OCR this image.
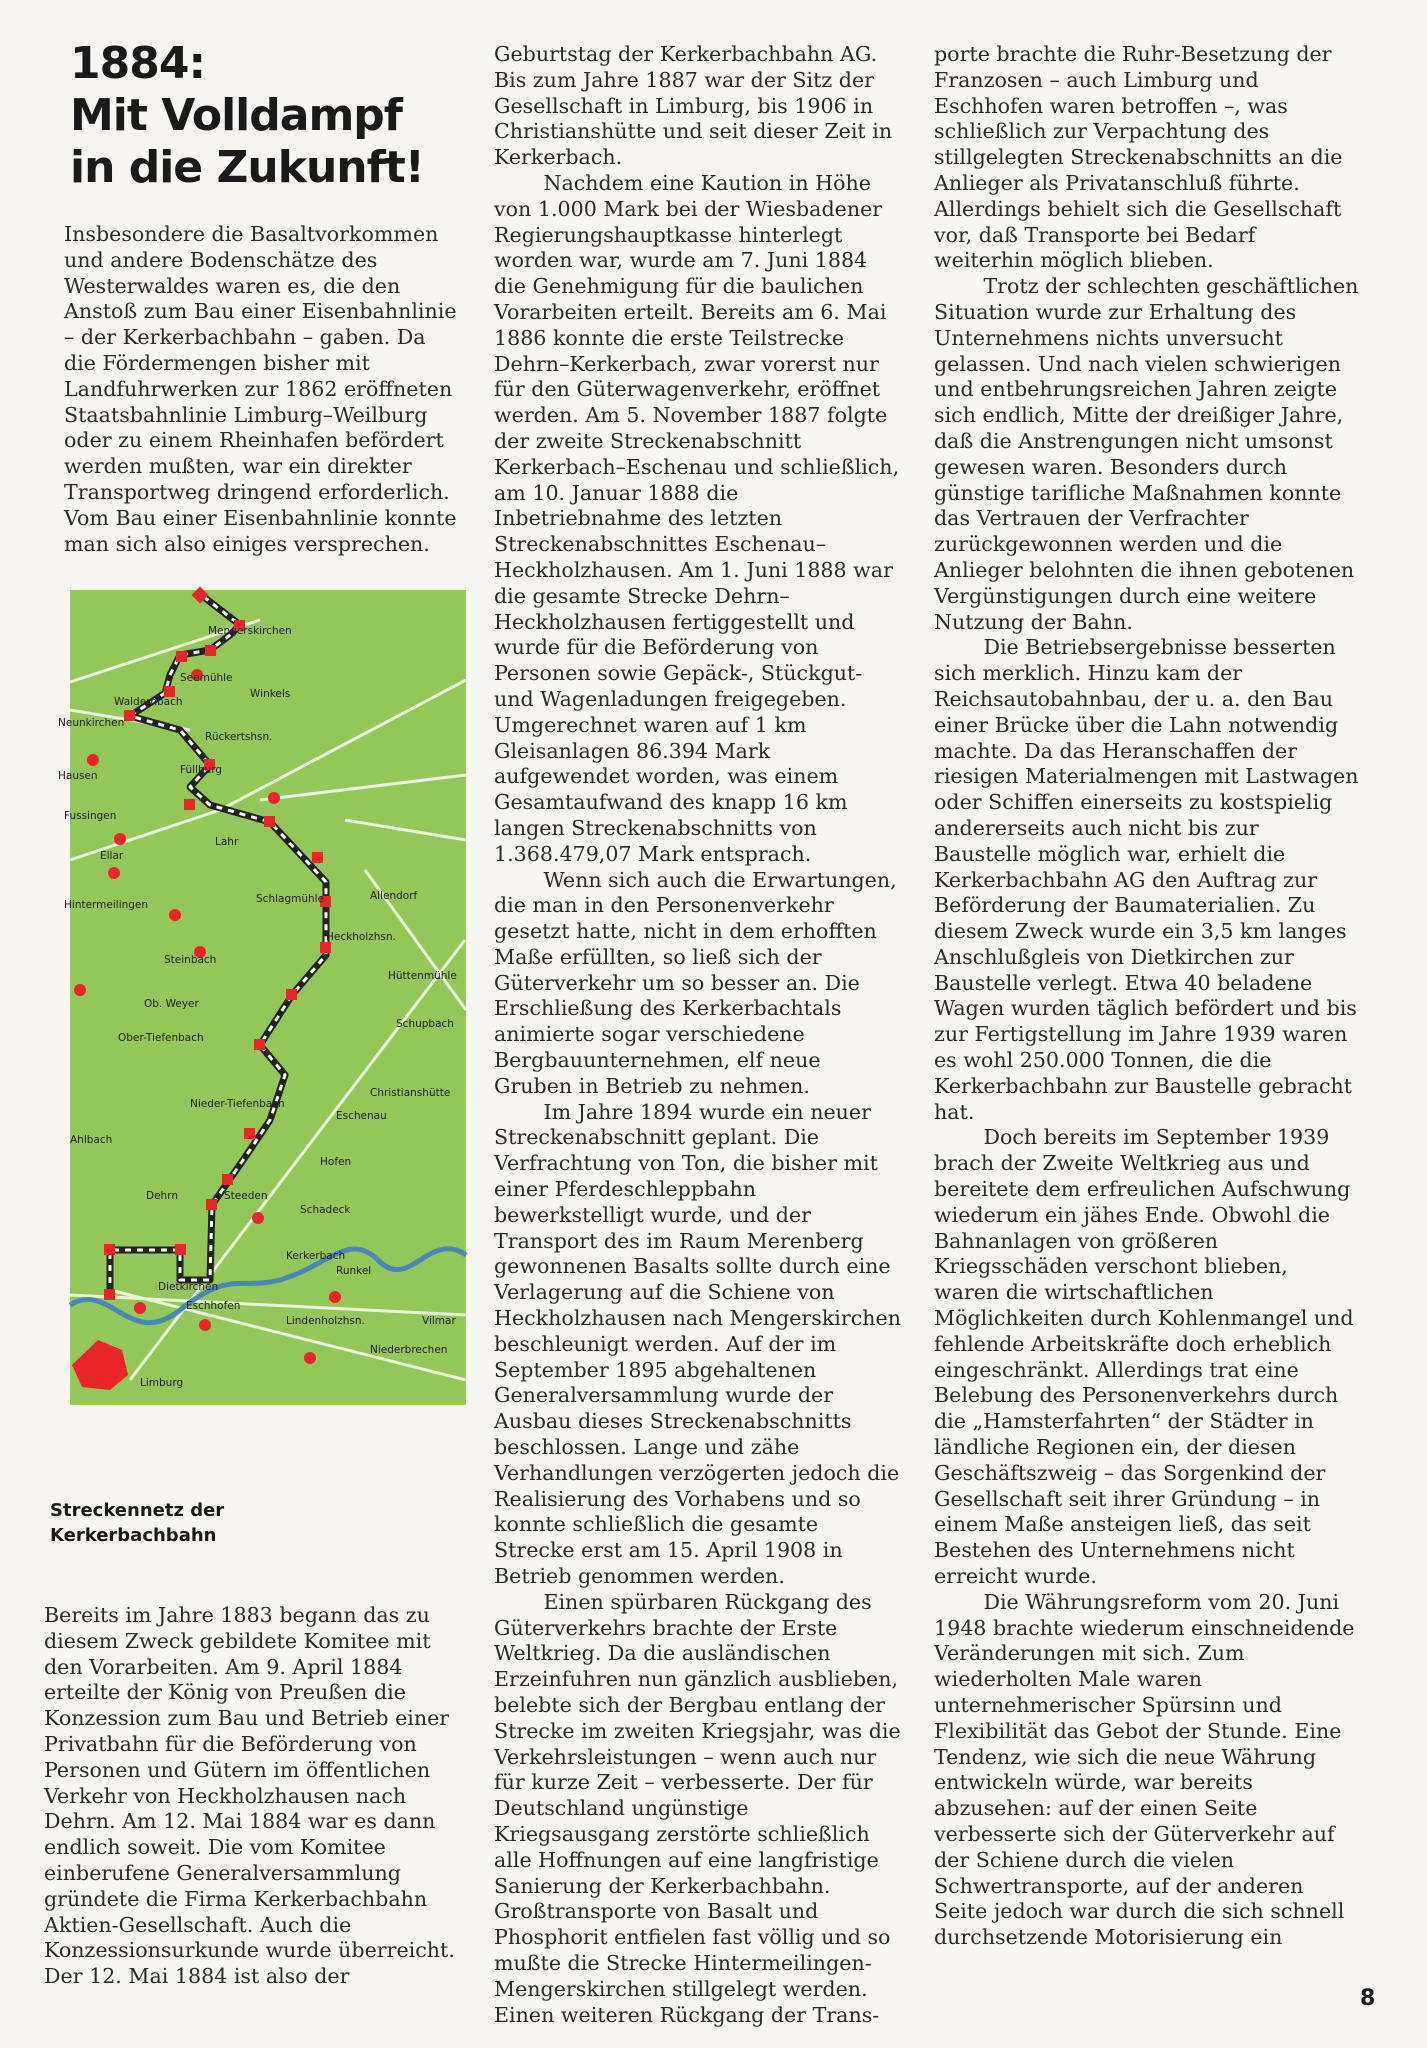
1884:
Mit Volldampf
in die Zukunft!

Insbesondere die Basaltvorkommen und andere Bodenschätze des Westerwaldes waren es, die den Anstoß zum Bau einer Eisenbahnlinie – der Kerkerbachbahn – gaben. Da die Fördermengen bisher mit Landfuhrwerken zur 1862 eröffneten Staatsbahnlinie Limburg–Weilburg oder zu einem Rheinhafen befördert werden mußten, war ein direkter Transportweg dringend erforderlich. Vom Bau einer Eisenbahnlinie konnte man sich also einiges versprechen.

Mengerskirchen
Seemühle
Waldernbach
Winkels
Neunkirchen
Rückertshsn.
Hausen	Füllburg
Fussingen
Lahr
Ellar
Hintermeilingen	Schlagmühle	Allendorf
Heckholzhsn.
Steinbach
Hüttenmühle
Ob. Weyer
Schupbach
Ober-Tiefenbach
Christianshütte
Nieder-Tiefenbach
Eschenau
Ahlbach
Hofen
Dehrn	Steeden
Schadeck
Kerkerbach
Runkel
Dietkirchen
Eschhofen
Lindenholzhsn.	Vilmar
Niederbrechen
Limburg
Streckennetz der
Kerkerbachbahn

Bereits im Jahre 1883 begann das zu diesem Zweck gebildete Komitee mit den Vorarbeiten. Am 9. April 1884 erteilte der König von Preußen die Konzession zum Bau und Betrieb einer Privatbahn für die Beförderung von Personen und Gütern im öffentlichen Verkehr von Heckholzhausen nach Dehrn. Am 12. Mai 1884 war es dann endlich soweit. Die vom Komitee einberufene Generalversammlung gründete die Firma Kerkerbachbahn Aktien-Gesellschaft. Auch die Konzessionsurkunde wurde überreicht. Der 12. Mai 1884 ist also der

Geburtstag der Kerkerbachbahn AG. Bis zum Jahre 1887 war der Sitz der Gesellschaft in Limburg, bis 1906 in Christianshütte und seit dieser Zeit in Kerkerbach.

Nachdem eine Kaution in Höhe von 1.000 Mark bei der Wiesbadener Regierungshauptkasse hinterlegt worden war, wurde am 7. Juni 1884 die Genehmigung für die baulichen Vorarbeiten erteilt. Bereits am 6. Mai 1886 konnte die erste Teilstrecke Dehrn–Kerkerbach, zwar vorerst nur für den Güterwagenverkehr, eröffnet werden. Am 5. November 1887 folgte der zweite Streckenabschnitt Kerkerbach–Eschenau und schließlich, am 10. Januar 1888 die Inbetriebnahme des letzten Streckenabschnittes Eschenau–Heckholzhausen. Am 1. Juni 1888 war die gesamte Strecke Dehrn–Heckholzhausen fertiggestellt und wurde für die Beförderung von Personen sowie Gepäck-, Stückgut- und Wagenladungen freigegeben. Umgerechnet waren auf 1 km Gleisanlagen 86.394 Mark aufgewendet worden, was einem Gesamtaufwand des knapp 16 km langen Streckenabschnitts von 1.368.479,07 Mark entsprach.

Wenn sich auch die Erwartungen, die man in den Personenverkehr gesetzt hatte, nicht in dem erhofften Maße erfüllten, so ließ sich der Güterverkehr um so besser an. Die Erschließung des Kerkerbachtals animierte sogar verschiedene Bergbauunternehmen, elf neue Gruben in Betrieb zu nehmen.

Im Jahre 1894 wurde ein neuer Streckenabschnitt geplant. Die Verfrachtung von Ton, die bisher mit einer Pferdeschleppbahn bewerkstelligt wurde, und der Transport des im Raum Merenberg gewonnenen Basalts sollte durch eine Verlagerung auf die Schiene von Heckholzhausen nach Mengerskirchen beschleunigt werden. Auf der im September 1895 abgehaltenen Generalversammlung wurde der Ausbau dieses Streckenabschnitts beschlossen. Lange und zähe Verhandlungen verzögerten jedoch die Realisierung des Vorhabens und so konnte schließlich die gesamte Strecke erst am 15. April 1908 in Betrieb genommen werden.

Einen spürbaren Rückgang des Güterverkehrs brachte der Erste Weltkrieg. Da die ausländischen Erzeinfuhren nun gänzlich ausblieben, belebte sich der Bergbau entlang der Strecke im zweiten Kriegsjahr, was die Verkehrsleistungen – wenn auch nur für kurze Zeit – verbesserte. Der für Deutschland ungünstige Kriegsausgang zerstörte schließlich alle Hoffnungen auf eine langfristige Sanierung der Kerkerbachbahn. Großtransporte von Basalt und Phosphorit entfielen fast völlig und so mußte die Strecke Hintermeilingen-Mengerskirchen stillgelegt werden. Einen weiteren Rückgang der Trans-

porte brachte die Ruhr-Besetzung der Franzosen – auch Limburg und Eschhofen waren betroffen –, was schließlich zur Verpachtung des stillgelegten Streckenabschnitts an die Anlieger als Privatanschluß führte. Allerdings behielt sich die Gesellschaft vor, daß Transporte bei Bedarf weiterhin möglich blieben.

Trotz der schlechten geschäftlichen Situation wurde zur Erhaltung des Unternehmens nichts unversucht gelassen. Und nach vielen schwierigen und entbehrungsreichen Jahren zeigte sich endlich, Mitte der dreißiger Jahre, daß die Anstrengungen nicht umsonst gewesen waren. Besonders durch günstige tarifliche Maßnahmen konnte das Vertrauen der Verfrachter zurückgewonnen werden und die Anlieger belohnten die ihnen gebotenen Vergünstigungen durch eine weitere Nutzung der Bahn.

Die Betriebsergebnisse besserten sich merklich. Hinzu kam der Reichsautobahnbau, der u. a. den Bau einer Brücke über die Lahn notwendig machte. Da das Heranschaffen der riesigen Materialmengen mit Lastwagen oder Schiffen einerseits zu kostspielig andererseits auch nicht bis zur Baustelle möglich war, erhielt die Kerkerbachbahn AG den Auftrag zur Beförderung der Baumaterialien. Zu diesem Zweck wurde ein 3,5 km langes Anschlußgleis von Dietkirchen zur Baustelle verlegt. Etwa 40 beladene Wagen wurden täglich befördert und bis zur Fertigstellung im Jahre 1939 waren es wohl 250.000 Tonnen, die die Kerkerbachbahn zur Baustelle gebracht hat.

Doch bereits im September 1939 brach der Zweite Weltkrieg aus und bereitete dem erfreulichen Aufschwung wiederum ein jähes Ende. Obwohl die Bahnanlagen von größeren Kriegsschäden verschont blieben, waren die wirtschaftlichen Möglichkeiten durch Kohlenmangel und fehlende Arbeitskräfte doch erheblich eingeschränkt. Allerdings trat eine Belebung des Personenverkehrs durch die „Hamsterfahrten“ der Städter in ländliche Regionen ein, der diesen Geschäftszweig – das Sorgenkind der Gesellschaft seit ihrer Gründung – in einem Maße ansteigen ließ, das seit Bestehen des Unternehmens nicht erreicht wurde.

Die Währungsreform vom 20. Juni 1948 brachte wiederum einschneidende Veränderungen mit sich. Zum wiederholten Male waren unternehmerischer Spürsinn und Flexibilität das Gebot der Stunde. Eine Tendenz, wie sich die neue Währung entwickeln würde, war bereits abzusehen: auf der einen Seite verbesserte sich der Güterverkehr auf der Schiene durch die vielen Schwertransporte, auf der anderen Seite jedoch war durch die sich schnell durchsetzende Motorisierung ein

8
